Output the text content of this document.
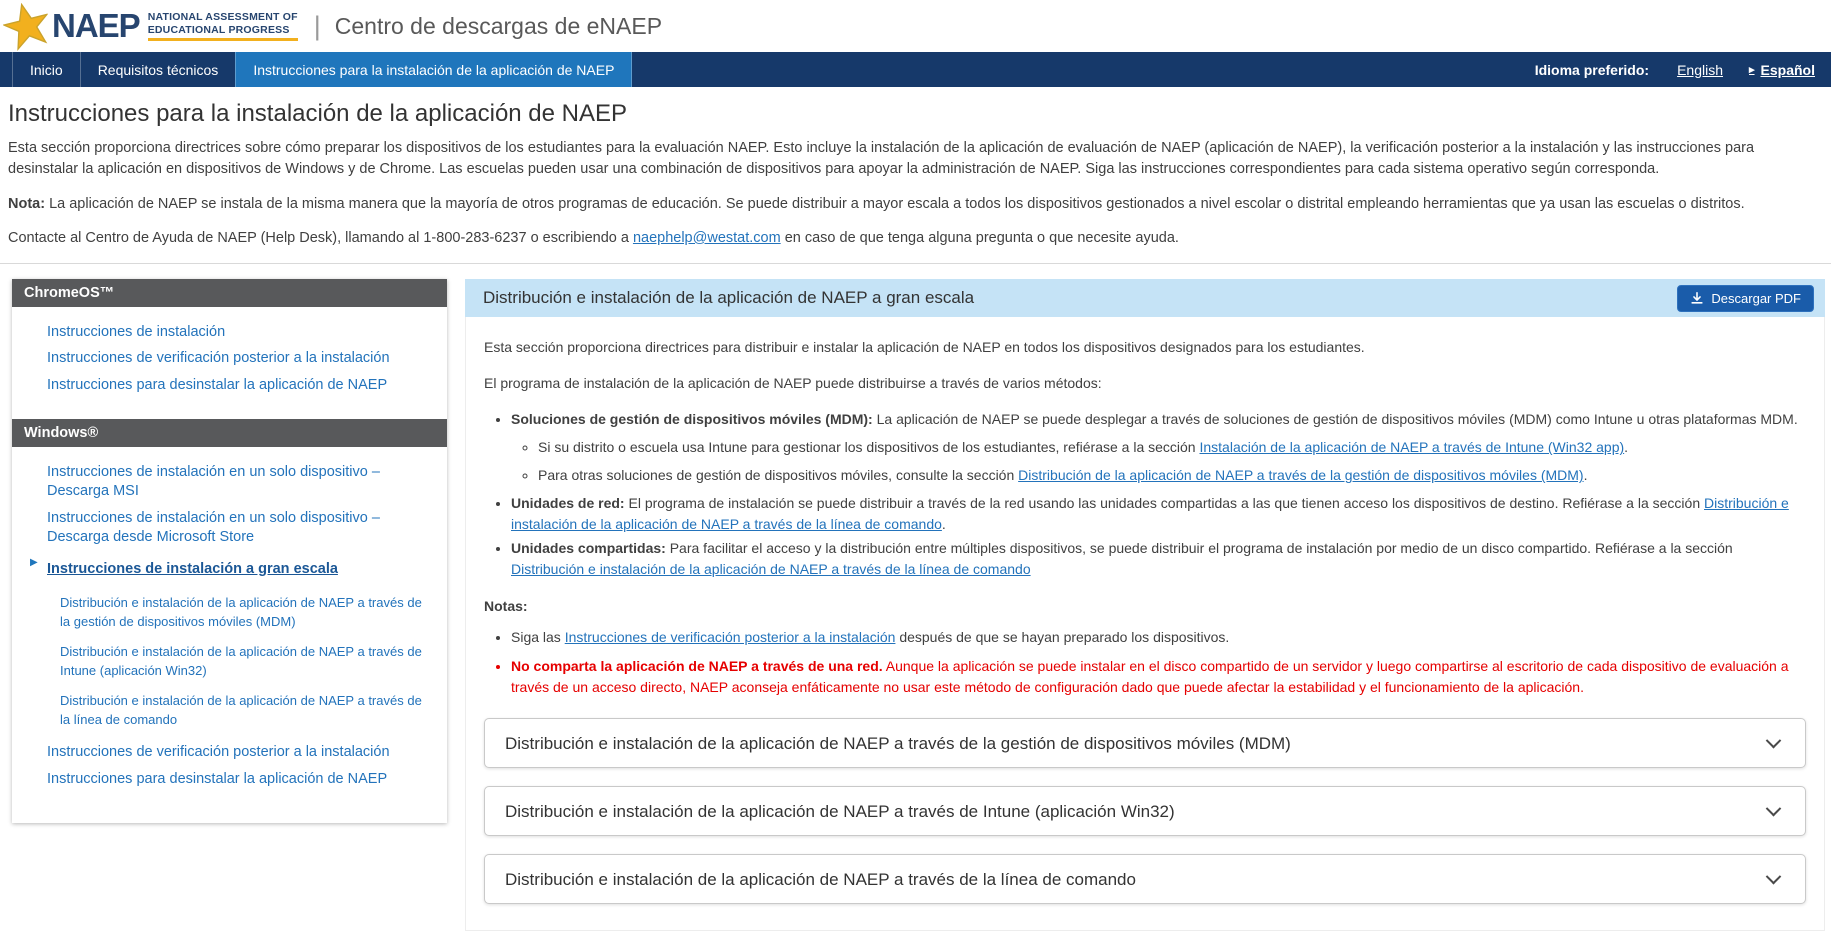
NAEP NATIONAL ASSESSMENT OF
EDUCATIONAL PROGRESS | Centro de descargas de eNAEP
Inicio	Requisitos técnicos	Instrucciones para la instalación de la aplicación de NAEP	Idioma preferido: English ▸ Español
Instrucciones para la instalación de la aplicación de NAEP

Esta sección proporciona directrices sobre cómo preparar los dispositivos de los estudiantes para la evaluación NAEP. Esto incluye la instalación de la aplicación de evaluación de NAEP (aplicación de NAEP), la verificación posterior a la instalación y las instrucciones para desinstalar la aplicación en dispositivos de Windows y de Chrome. Las escuelas pueden usar una combinación de dispositivos para apoyar la administración de NAEP. Siga las instrucciones correspondientes para cada sistema operativo según corresponda.

Nota: La aplicación de NAEP se instala de la misma manera que la mayoría de otros programas de educación. Se puede distribuir a mayor escala a todos los dispositivos gestionados a nivel escolar o distrital empleando herramientas que ya usan las escuelas o distritos.

Contacte al Centro de Ayuda de NAEP (Help Desk), llamando al 1-800-283-6237 o escribiendo a naephelp@westat.com en caso de que tenga alguna pregunta o que necesite ayuda.

ChromeOS™
Instrucciones de instalación
Instrucciones de verificación posterior a la instalación
Instrucciones para desinstalar la aplicación de NAEP
Windows®
Instrucciones de instalación en un solo dispositivo – Descarga MSI
Instrucciones de instalación en un solo dispositivo – Descarga desde Microsoft Store
▶ Instrucciones de instalación a gran escala
Distribución e instalación de la aplicación de NAEP a través de la gestión de dispositivos móviles (MDM)
Distribución e instalación de la aplicación de NAEP a través de Intune (aplicación Win32)
Distribución e instalación de la aplicación de NAEP a través de la línea de comando
Instrucciones de verificación posterior a la instalación
Instrucciones para desinstalar la aplicación de NAEP
Distribución e instalación de la aplicación de NAEP a gran escala	Descargar PDF

Esta sección proporciona directrices para distribuir e instalar la aplicación de NAEP en todos los dispositivos designados para los estudiantes.

El programa de instalación de la aplicación de NAEP puede distribuirse a través de varios métodos:

• Soluciones de gestión de dispositivos móviles (MDM): La aplicación de NAEP se puede desplegar a través de soluciones de gestión de dispositivos móviles (MDM) como Intune u otras plataformas MDM.
◦ Si su distrito o escuela usa Intune para gestionar los dispositivos de los estudiantes, refiérase a la sección Instalación de la aplicación de NAEP a través de Intune (Win32 app).
◦ Para otras soluciones de gestión de dispositivos móviles, consulte la sección Distribución de la aplicación de NAEP a través de la gestión de dispositivos móviles (MDM).
• Unidades de red: El programa de instalación se puede distribuir a través de la red usando las unidades compartidas a las que tienen acceso los dispositivos de destino. Refiérase a la sección Distribución e instalación de la aplicación de NAEP a través de la línea de comando.
• Unidades compartidas: Para facilitar el acceso y la distribución entre múltiples dispositivos, se puede distribuir el programa de instalación por medio de un disco compartido. Refiérase a la sección Distribución e instalación de la aplicación de NAEP a través de la línea de comando

Notas:

• Siga las Instrucciones de verificación posterior a la instalación después de que se hayan preparado los dispositivos.
• No comparta la aplicación de NAEP a través de una red. Aunque la aplicación se puede instalar en el disco compartido de un servidor y luego compartirse al escritorio de cada dispositivo de evaluación a través de un acceso directo, NAEP aconseja enfáticamente no usar este método de configuración dado que puede afectar la estabilidad y el funcionamiento de la aplicación.
Distribución e instalación de la aplicación de NAEP a través de la gestión de dispositivos móviles (MDM)
Distribución e instalación de la aplicación de NAEP a través de Intune (aplicación Win32)
Distribución e instalación de la aplicación de NAEP a través de la línea de comando
